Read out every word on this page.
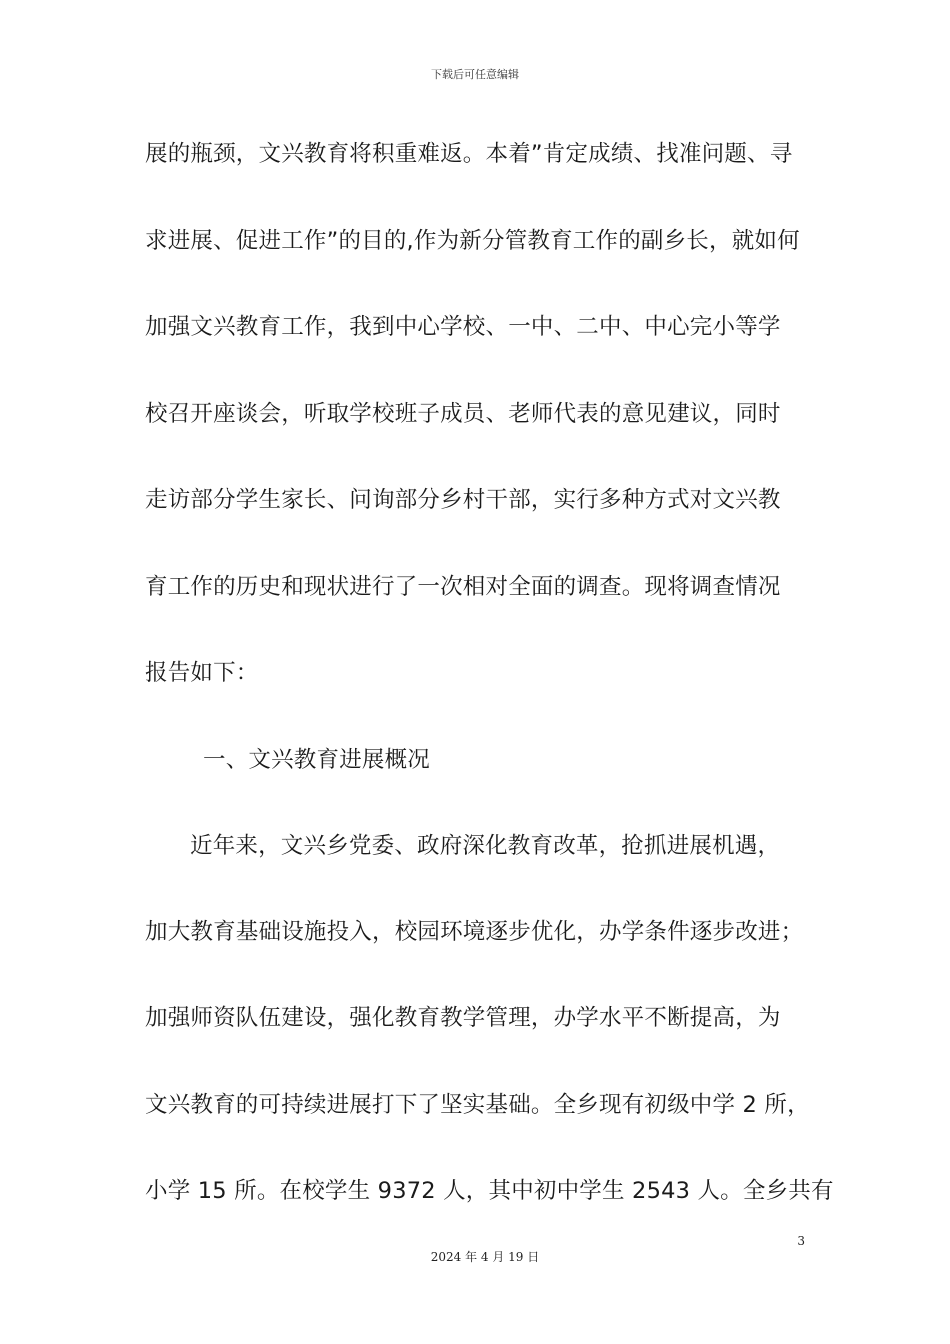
下载后可任意编辑
展的瓶颈，文兴教育将积重难返。本着”肯定成绩、找准问题、寻
求进展、促进工作”的目的,作为新分管教育工作的副乡长，就如何
加强文兴教育工作，我到中心学校、一中、二中、中心完小等学
校召开座谈会，听取学校班子成员、老师代表的意见建议，同时
走访部分学生家长、问询部分乡村干部，实行多种方式对文兴教
育工作的历史和现状进行了一次相对全面的调查。现将调查情况
报告如下：
一、文兴教育进展概况
近年来，文兴乡党委、政府深化教育改革，抢抓进展机遇，
加大教育基础设施投入，校园环境逐步优化，办学条件逐步改进；
加强师资队伍建设，强化教育教学管理，办学水平不断提高，为
文兴教育的可持续进展打下了坚实基础。全乡现有初级中学 2 所，
小学 15 所。在校学生 9372 人，其中初中学生 2543 人。全乡共有
3
2024 年 4 月 19 日
